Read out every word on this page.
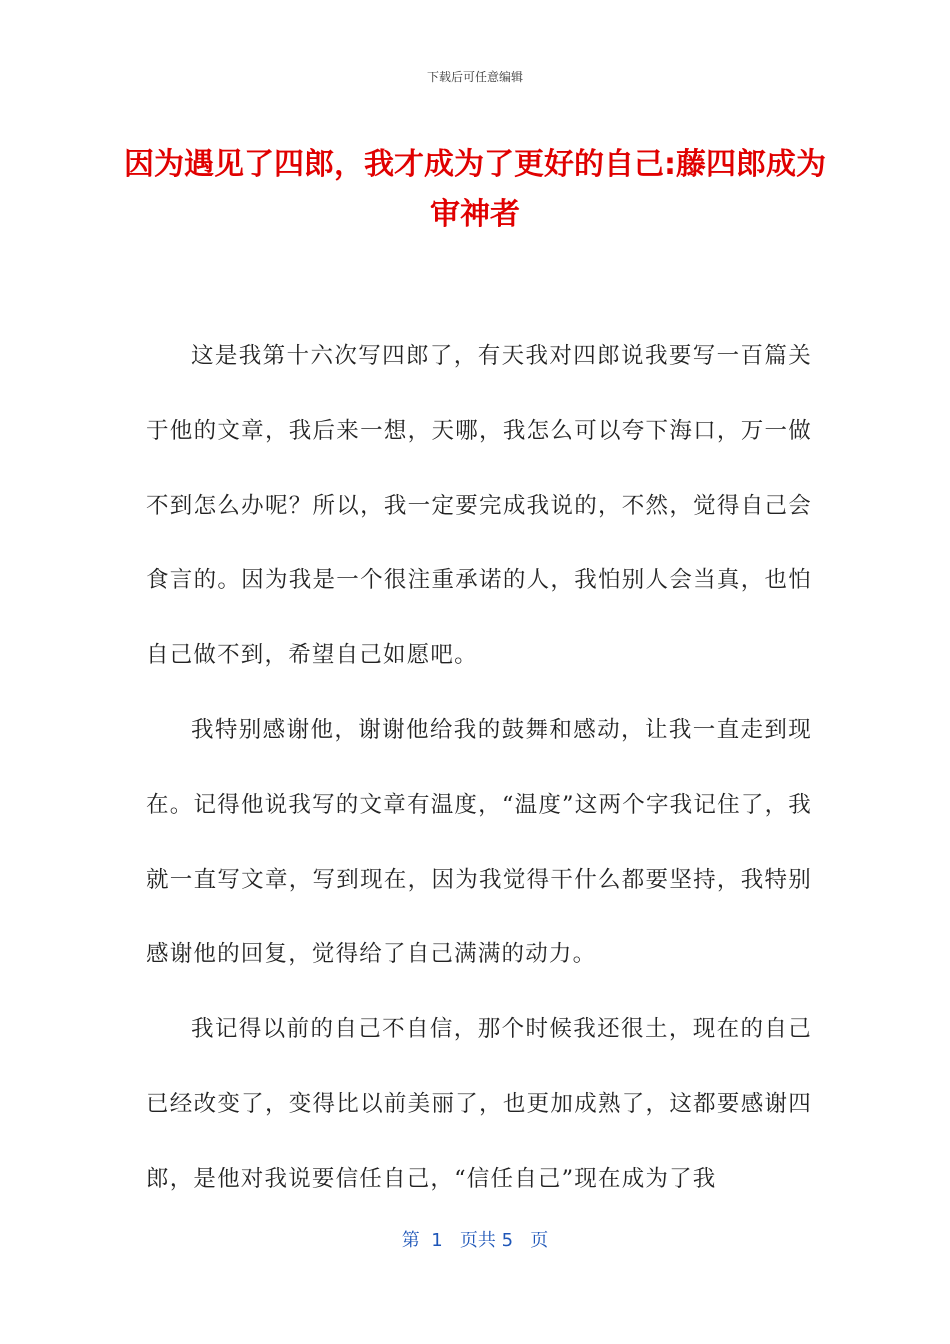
下载后可任意编辑
因为遇见了四郎，我才成为了更好的自己:藤四郎成为审神者

这是我第十六次写四郎了，有天我对四郎说我要写一百篇关于他的文章，我后来一想，天哪，我怎么可以夸下海口，万一做不到怎么办呢？所以，我一定要完成我说的，不然，觉得自己会食言的。因为我是一个很注重承诺的人，我怕别人会当真，也怕自己做不到，希望自己如愿吧。

我特别感谢他，谢谢他给我的鼓舞和感动，让我一直走到现在。记得他说我写的文章有温度，“温度”这两个字我记住了，我就一直写文章，写到现在，因为我觉得干什么都要坚持，我特别感谢他的回复，觉得给了自己满满的动力。

我记得以前的自己不自信，那个时候我还很土，现在的自己已经改变了，变得比以前美丽了，也更加成熟了，这都要感谢四郎，是他对我说要信任自己，“信任自己”现在成为了我

第  1   页共 5   页
